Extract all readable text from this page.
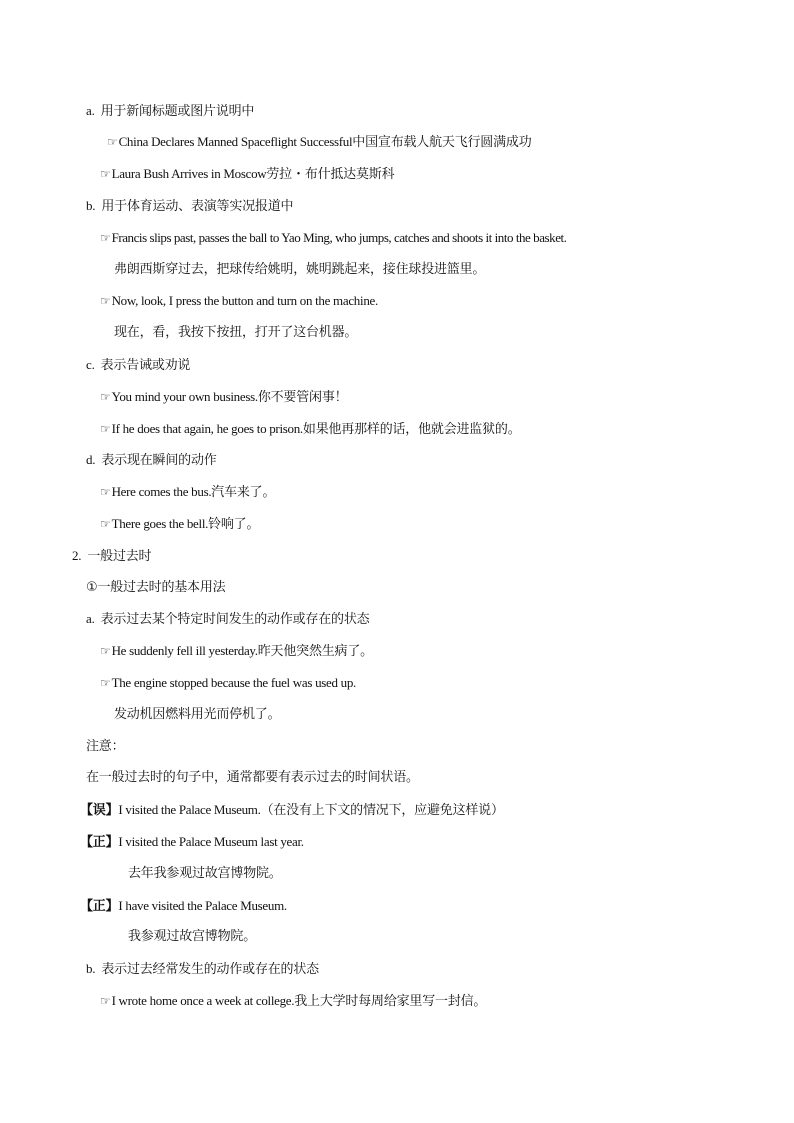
a. 用于新闻标题或图片说明中
☞China Declares Manned Spaceflight Successful中国宣布载人航天飞行圆满成功
☞Laura Bush Arrives in Moscow劳拉・布什抵达莫斯科
b. 用于体育运动、表演等实况报道中
☞Francis slips past, passes the ball to Yao Ming, who jumps, catches and shoots it into the basket.
弗朗西斯穿过去，把球传给姚明，姚明跳起来，接住球投进篮里。
☞Now, look, I press the button and turn on the machine.
现在，看，我按下按扭，打开了这台机器。
c. 表示告诫或劝说
☞You mind your own business.你不要管闲事！
☞If he does that again, he goes to prison.如果他再那样的话，他就会进监狱的。
d. 表示现在瞬间的动作
☞Here comes the bus.汽车来了。
☞There goes the bell.铃响了。
2. 一般过去时
①一般过去时的基本用法
a. 表示过去某个特定时间发生的动作或存在的状态
☞He suddenly fell ill yesterday.昨天他突然生病了。
☞The engine stopped because the fuel was used up.
发动机因燃料用光而停机了。
注意：
在一般过去时的句子中，通常都要有表示过去的时间状语。
【误】I visited the Palace Museum.（在没有上下文的情况下，应避免这样说）
【正】I visited the Palace Museum last year.
去年我参观过故宫博物院。
【正】I have visited the Palace Museum.
我参观过故宫博物院。
b. 表示过去经常发生的动作或存在的状态
☞I wrote home once a week at college.我上大学时每周给家里写一封信。
